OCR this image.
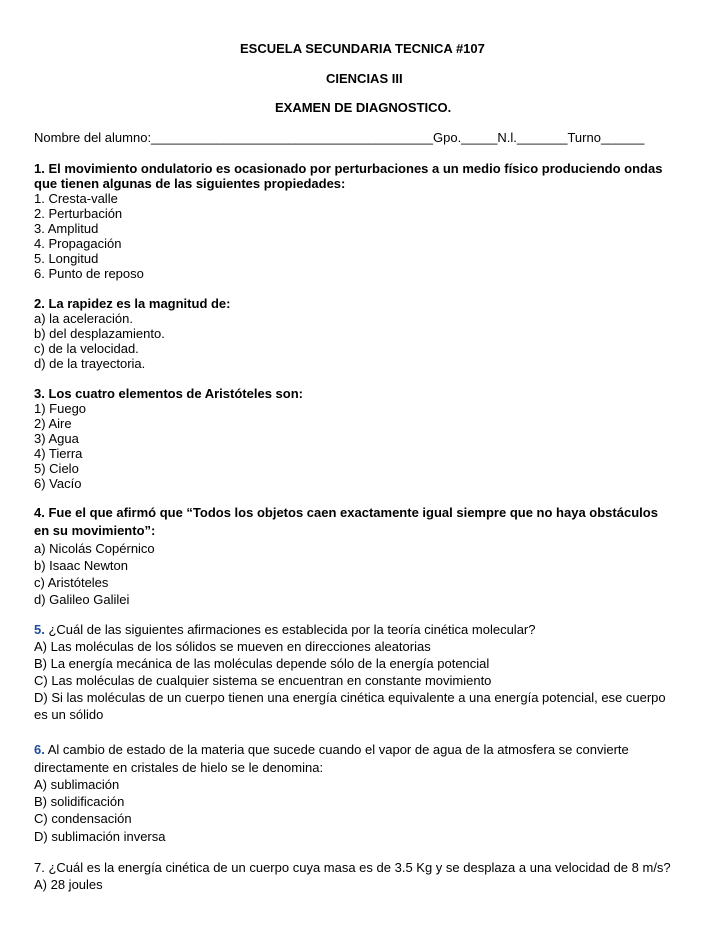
ESCUELA SECUNDARIA TECNICA #107
CIENCIAS III
EXAMEN DE DIAGNOSTICO.
Nombre del alumno:_______________________________________Gpo._____N.l._______Turno______
1. El movimiento ondulatorio es ocasionado por perturbaciones a un medio físico produciendo ondas
que tienen algunas de las siguientes propiedades:
1. Cresta-valle
2. Perturbación
3. Amplitud
4. Propagación
5. Longitud
6. Punto de reposo
2. La rapidez es la magnitud de:
a) la aceleración.
b) del desplazamiento.
c) de la velocidad.
d) de la trayectoria.
3. Los cuatro elementos de Aristóteles son:
1) Fuego
2) Aire
3) Agua
4) Tierra
5) Cielo
6) Vacío
4. Fue el que afirmó que “Todos los objetos caen exactamente igual siempre que no haya obstáculos
en su movimiento”:
a) Nicolás Copérnico
b) Isaac Newton
c) Aristóteles
d) Galileo Galilei
5. ¿Cuál de las siguientes afirmaciones es establecida por la teoría cinética molecular?
A) Las moléculas de los sólidos se mueven en direcciones aleatorias
B) La energía mecánica de las moléculas depende sólo de la energía potencial
C) Las moléculas de cualquier sistema se encuentran en constante movimiento
D) Si las moléculas de un cuerpo tienen una energía cinética equivalente a una energía potencial, ese cuerpo
es un sólido
6. Al cambio de estado de la materia que sucede cuando el vapor de agua de la atmosfera se convierte
directamente en cristales de hielo se le denomina:
A) sublimación
B) solidificación
C) condensación
D) sublimación inversa
7. ¿Cuál es la energía cinética de un cuerpo cuya masa es de 3.5 Kg y se desplaza a una velocidad de 8 m/s?
A) 28 joules
